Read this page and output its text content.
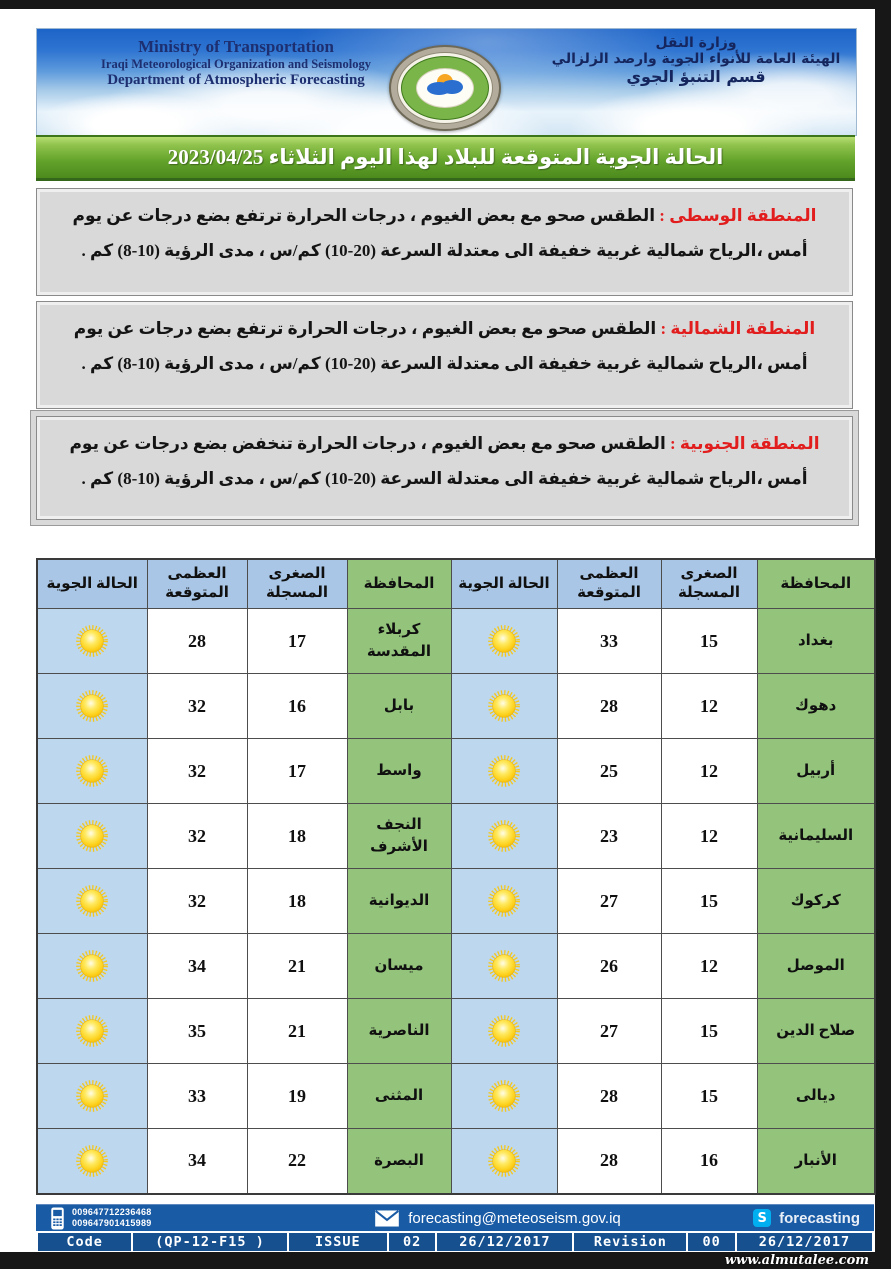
Ministry of Transportation
Iraqi Meteorological Organization and Seismology
Department of Atmospheric Forecasting
وزارة النقل
الهيئة العامة للأنواء الجوية وارصد الزلزالي
قسم التنبؤ الجوي
الحالة الجوية المتوقعة للبلاد لهذا اليوم الثلاثاء 2023/04/25
المنطقة الوسطى : الطقس صحو مع بعض الغيوم ، درجات الحرارة ترتفع بضع درجات عن يوم أمس ،الرياح شمالية غربية خفيفة الى معتدلة السرعة (20-10) كم/س ، مدى الرؤية (10-8) كم .
المنطقة الشمالية : الطقس صحو مع بعض الغيوم ، درجات الحرارة ترتفع بضع درجات عن يوم أمس ،الرياح شمالية غربية خفيفة الى معتدلة السرعة (20-10) كم/س ، مدى الرؤية (10-8) كم .
المنطقة الجنوبية : الطقس صحو مع بعض الغيوم ، درجات الحرارة تنخفض بضع درجات عن يوم أمس ،الرياح شمالية غربية خفيفة الى معتدلة السرعة (20-10) كم/س ، مدى الرؤية (10-8) كم .
المحافظة	الصغرى المسجلة	العظمى المتوقعة	الحالة الجوية	المحافظة	الصغرى المسجلة	العظمى المتوقعة	الحالة الجوية
بغداد	15	33		كربلاء المقدسة	17	28	
دهوك	12	28		بابل	16	32	
أربيل	12	25		واسط	17	32	
السليمانية	12	23		النجف الأشرف	18	32	
كركوك	15	27		الديوانية	18	32	
الموصل	12	26		ميسان	21	34	
صلاح الدين	15	27		الناصرية	21	35	
ديالى	15	28		المثنى	19	33	
الأنبار	16	28		البصرة	22	34	
009647712236468
009647901415989	forecasting@meteoseism.gov.iq	S forecasting
Code	(QP-12-F15 )	ISSUE	02	26/12/2017	Revision	00	26/12/2017
www.almutalee.com
